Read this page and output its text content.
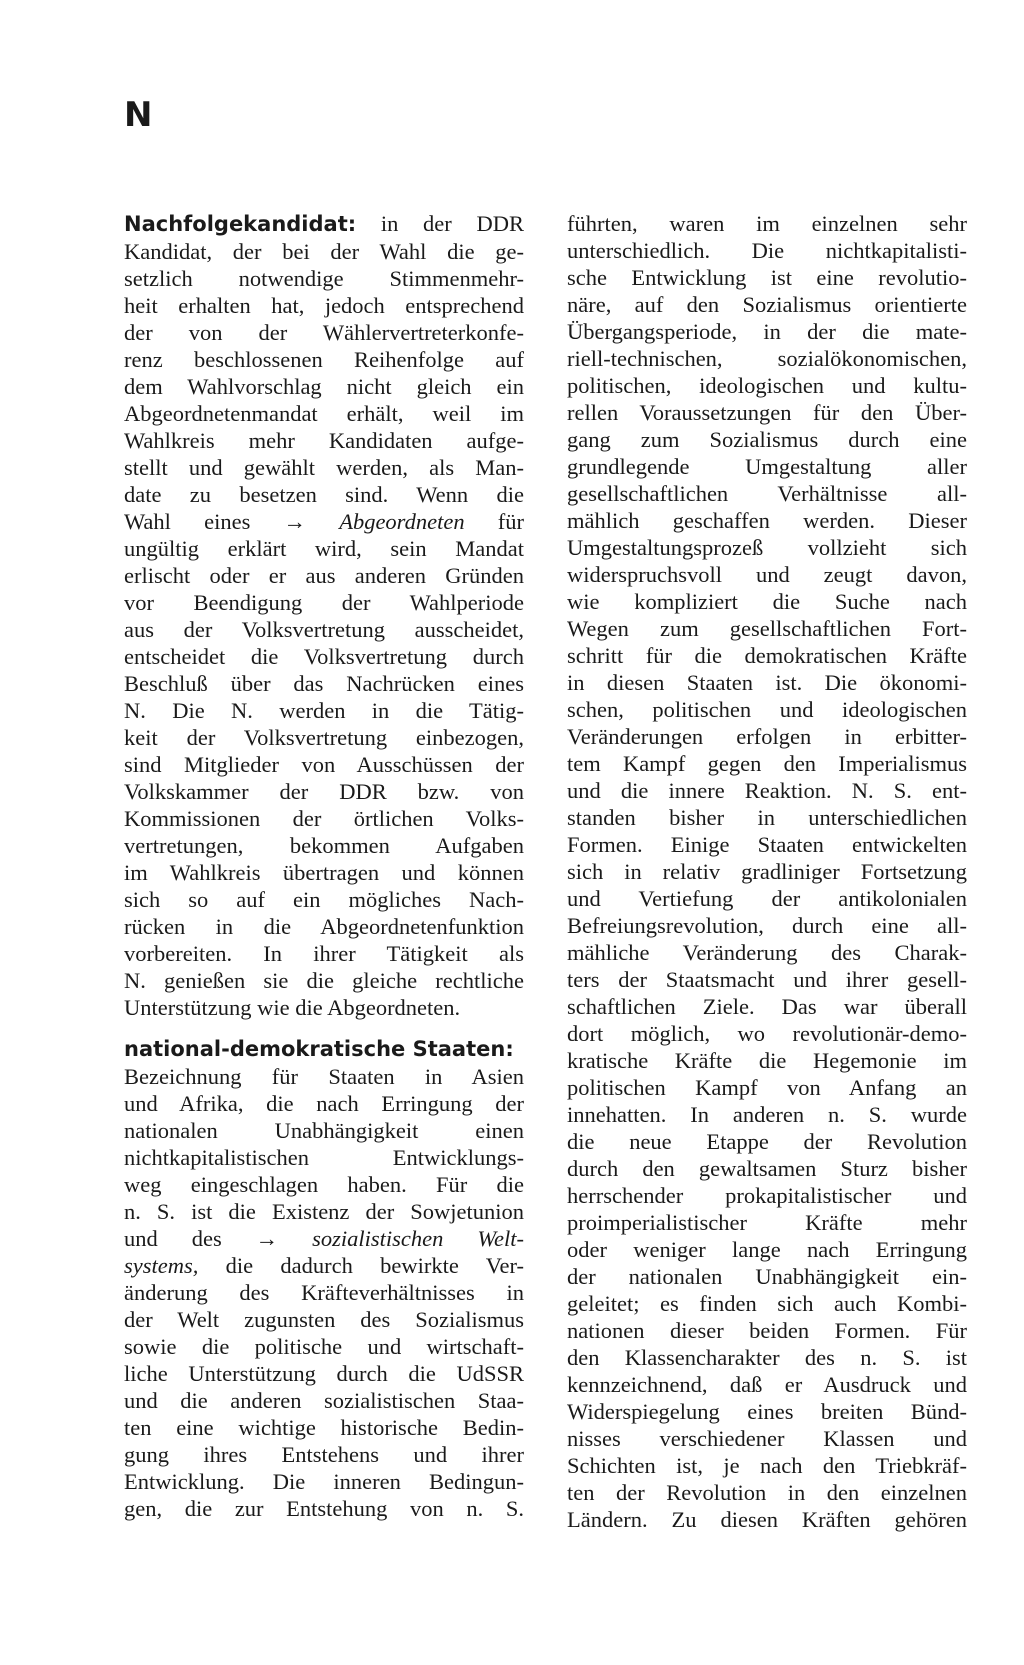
N
Nachfolgekandidat: in der DDR
Kandidat, der bei der Wahl die ge-
setzlich notwendige Stimmenmehr-
heit erhalten hat, jedoch entsprechend
der von der Wählervertreterkonfe-
renz beschlossenen Reihenfolge auf
dem Wahlvorschlag nicht gleich ein
Abgeordnetenmandat erhält, weil im
Wahlkreis mehr Kandidaten aufge-
stellt und gewählt werden, als Man-
date zu besetzen sind. Wenn die
Wahl eines → Abgeordneten für
ungültig erklärt wird, sein Mandat
erlischt oder er aus anderen Gründen
vor Beendigung der Wahlperiode
aus der Volksvertretung ausscheidet,
entscheidet die Volksvertretung durch
Beschluß über das Nachrücken eines
N. Die N. werden in die Tätig-
keit der Volksvertretung einbezogen,
sind Mitglieder von Ausschüssen der
Volkskammer der DDR bzw. von
Kommissionen der örtlichen Volks-
vertretungen, bekommen Aufgaben
im Wahlkreis übertragen und können
sich so auf ein mögliches Nach-
rücken in die Abgeordnetenfunktion
vorbereiten. In ihrer Tätigkeit als
N. genießen sie die gleiche rechtliche
Unterstützung wie die Abgeordneten.
national-demokratische Staaten:
Bezeichnung für Staaten in Asien
und Afrika, die nach Erringung der
nationalen Unabhängigkeit einen
nichtkapitalistischen Entwicklungs-
weg eingeschlagen haben. Für die
n. S. ist die Existenz der Sowjetunion
und des → sozialistischen Welt-
systems, die dadurch bewirkte Ver-
änderung des Kräfteverhältnisses in
der Welt zugunsten des Sozialismus
sowie die politische und wirtschaft-
liche Unterstützung durch die UdSSR
und die anderen sozialistischen Staa-
ten eine wichtige historische Bedin-
gung ihres Entstehens und ihrer
Entwicklung. Die inneren Bedingun-
gen, die zur Entstehung von n. S.
führten, waren im einzelnen sehr
unterschiedlich. Die nichtkapitalisti-
sche Entwicklung ist eine revolutio-
näre, auf den Sozialismus orientierte
Übergangsperiode, in der die mate-
riell-technischen, sozialökonomischen,
politischen, ideologischen und kultu-
rellen Voraussetzungen für den Über-
gang zum Sozialismus durch eine
grundlegende Umgestaltung aller
gesellschaftlichen Verhältnisse all-
mählich geschaffen werden. Dieser
Umgestaltungsprozeß vollzieht sich
widerspruchsvoll und zeugt davon,
wie kompliziert die Suche nach
Wegen zum gesellschaftlichen Fort-
schritt für die demokratischen Kräfte
in diesen Staaten ist. Die ökonomi-
schen, politischen und ideologischen
Veränderungen erfolgen in erbitter-
tem Kampf gegen den Imperialismus
und die innere Reaktion. N. S. ent-
standen bisher in unterschiedlichen
Formen. Einige Staaten entwickelten
sich in relativ gradliniger Fortsetzung
und Vertiefung der antikolonialen
Befreiungsrevolution, durch eine all-
mähliche Veränderung des Charak-
ters der Staatsmacht und ihrer gesell-
schaftlichen Ziele. Das war überall
dort möglich, wo revolutionär-demo-
kratische Kräfte die Hegemonie im
politischen Kampf von Anfang an
innehatten. In anderen n. S. wurde
die neue Etappe der Revolution
durch den gewaltsamen Sturz bisher
herrschender prokapitalistischer und
proimperialistischer Kräfte mehr
oder weniger lange nach Erringung
der nationalen Unabhängigkeit ein-
geleitet; es finden sich auch Kombi-
nationen dieser beiden Formen. Für
den Klassencharakter des n. S. ist
kennzeichnend, daß er Ausdruck und
Widerspiegelung eines breiten Bünd-
nisses verschiedener Klassen und
Schichten ist, je nach den Triebkräf-
ten der Revolution in den einzelnen
Ländern. Zu diesen Kräften gehören
